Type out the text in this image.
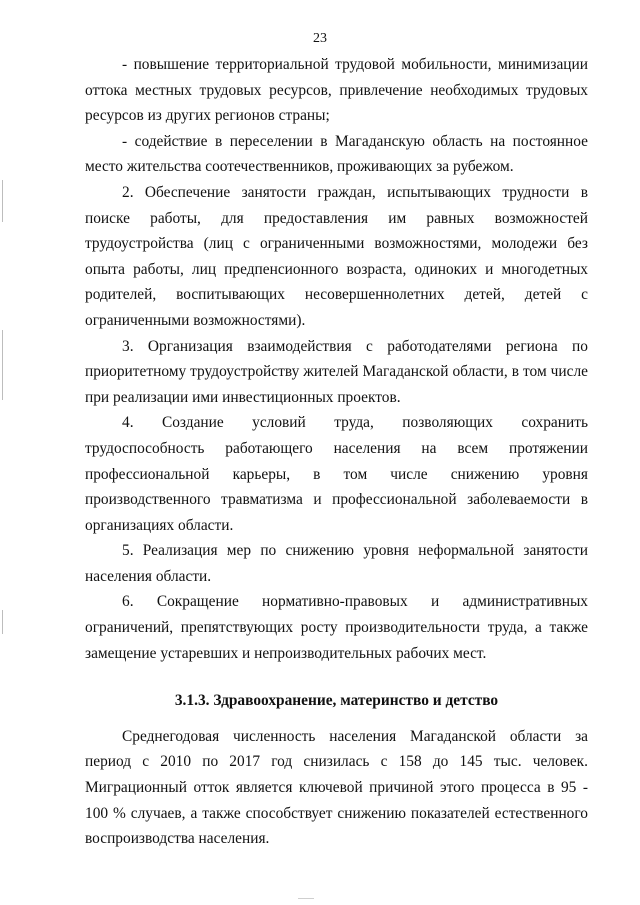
23

- повышение территориальной трудовой мобильности, минимизации оттока местных трудовых ресурсов, привлечение необходимых трудовых ресурсов из других регионов страны;

- содействие в переселении в Магаданскую область на постоянное место жительства соотечественников, проживающих за рубежом.

2. Обеспечение занятости граждан, испытывающих трудности в поиске работы, для предоставления им равных возможностей трудоустройства (лиц с ограниченными возможностями, молодежи без опыта работы, лиц предпенсионного возраста, одиноких и многодетных родителей, воспитывающих несовершеннолетних детей, детей с ограниченными возможностями).

3. Организация взаимодействия с работодателями региона по приоритетному трудоустройству жителей Магаданской области, в том числе при реализации ими инвестиционных проектов.

4. Создание условий труда, позволяющих сохранить трудоспособность работающего населения на всем протяжении профессиональной карьеры, в том числе снижению уровня производственного травматизма и профессиональной заболеваемости в организациях области.

5. Реализация мер по снижению уровня неформальной занятости населения области.

6. Сокращение нормативно-правовых и административных ограничений, препятствующих росту производительности труда, а также замещение устаревших и непроизводительных рабочих мест.

3.1.3. Здравоохранение, материнство и детство

Среднегодовая численность населения Магаданской области за период с 2010 по 2017 год снизилась с 158 до 145 тыс. человек. Миграционный отток является ключевой причиной этого процесса в 95 - 100 % случаев, а также способствует снижению показателей естественного воспроизводства населения.
